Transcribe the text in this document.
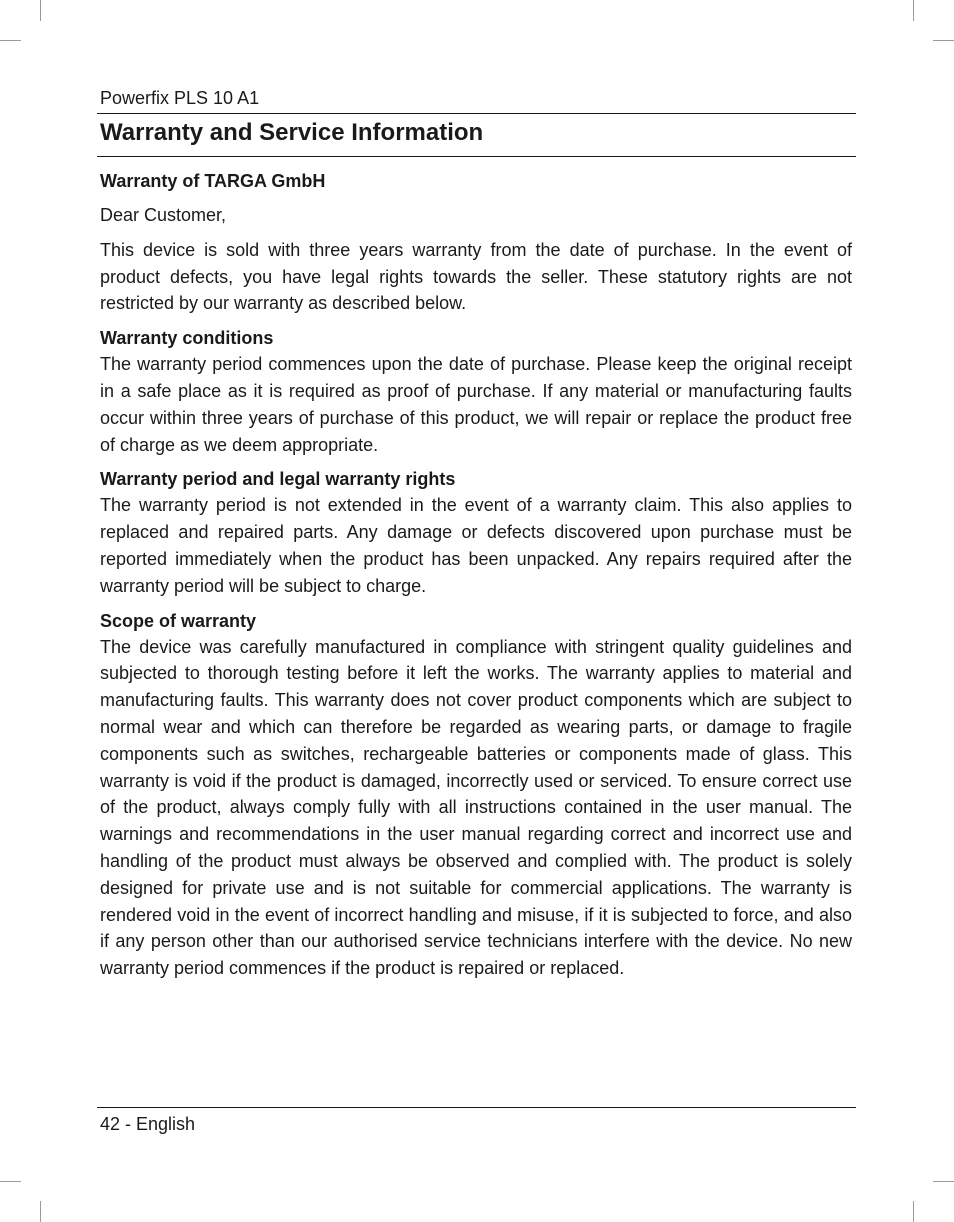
Powerfix PLS 10 A1
Warranty and Service Information
Warranty of TARGA GmbH

Dear Customer,

This device is sold with three years warranty from the date of purchase. In the event of product defects, you have legal rights towards the seller. These statutory rights are not restricted by our warranty as described below.

Warranty conditions

The warranty period commences upon the date of purchase. Please keep the original receipt in a safe place as it is required as proof of purchase. If any material or manufacturing faults occur within three years of purchase of this product, we will repair or replace the product free of charge as we deem appropriate.

Warranty period and legal warranty rights

The warranty period is not extended in the event of a warranty claim. This also applies to replaced and repaired parts. Any damage or defects discovered upon purchase must be reported immediately when the product has been unpacked. Any repairs required after the warranty period will be subject to charge.

Scope of warranty

The device was carefully manufactured in compliance with stringent quality guidelines and subjected to thorough testing before it left the works. The warranty applies to material and manufacturing faults. This warranty does not cover product components which are subject to normal wear and which can therefore be regarded as wearing parts, or damage to fragile components such as switches, rechargeable batteries or components made of glass. This warranty is void if the product is damaged, incorrectly used or serviced. To ensure correct use of the product, always comply fully with all instructions contained in the user manual. The warnings and recommendations in the user manual regarding correct and incorrect use and handling of the product must always be observed and complied with. The product is solely designed for private use and is not suitable for commercial applications. The warranty is rendered void in the event of incorrect handling and misuse, if it is subjected to force, and also if any person other than our authorised service technicians interfere with the device. No new warranty period commences if the product is repaired or replaced.

42 - English
